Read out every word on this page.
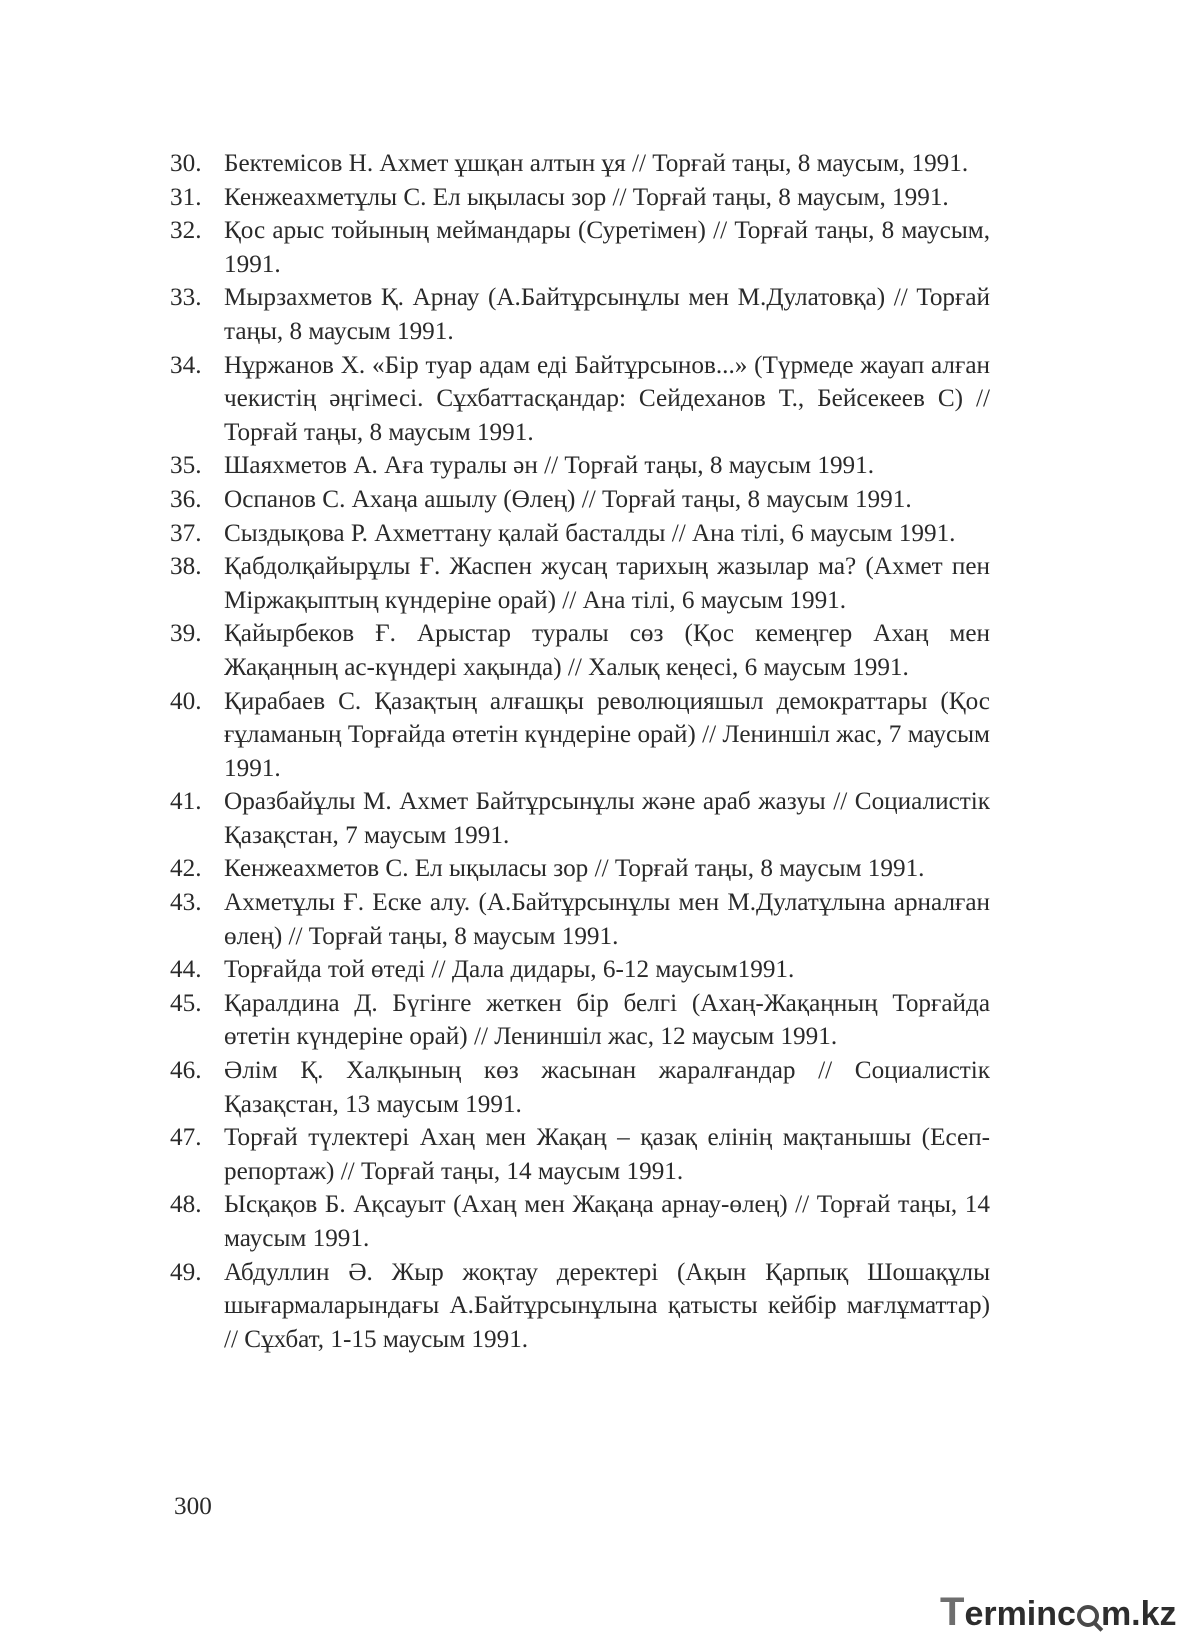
30. Бектемісов Н. Ахмет ұшқан алтын ұя // Торғай таңы, 8 маусым, 1991.
31. Кенжеахметұлы С. Ел ықыласы зор // Торғай таңы, 8 маусым, 1991.
32. Қос арыс тойының меймандары (Суретімен) // Торғай таңы, 8 маусым, 1991.
33. Мырзахметов Қ. Арнау (А.Байтұрсынұлы мен М.Дулатовқа) // Торғай таңы, 8 маусым 1991.
34. Нұржанов Х. «Бір туар адам еді Байтұрсынов...» (Түрмеде жауап алған чекистің әңгімесі. Сұхбаттасқандар: Сейдеханов Т., Бейсекеев С) // Торғай таңы, 8 маусым 1991.
35. Шаяхметов А. Аға туралы ән // Торғай таңы, 8 маусым 1991.
36. Оспанов С. Ахаңа ашылу (Өлең) // Торғай таңы, 8 маусым 1991.
37. Сыздықова Р. Ахметтану қалай басталды // Ана тілі, 6 маусым 1991.
38. Қабдолқайырұлы Ғ. Жаспен жусаң тарихың жазылар ма? (Ахмет пен Міржақыптың күндеріне орай) // Ана тілі, 6 маусым 1991.
39. Қайырбеков Ғ. Арыстар туралы сөз (Қос кемеңгер Ахаң мен Жақаңның ас-күндері хақында) // Халық кеңесі, 6 маусым 1991.
40. Қирабаев С. Қазақтың алғашқы революцияшыл демократтары (Қос ғұламаның Торғайда өтетін күндеріне орай) // Лениншіл жас, 7 маусым 1991.
41. Оразбайұлы М. Ахмет Байтұрсынұлы және араб жазуы // Социалистік Қазақстан, 7 маусым 1991.
42. Кенжеахметов С. Ел ықыласы зор // Торғай таңы, 8 маусым 1991.
43. Ахметұлы Ғ. Еске алу. (А.Байтұрсынұлы мен М.Дулатұлына арналған өлең) // Торғай таңы, 8 маусым 1991.
44. Торғайда той өтеді // Дала дидары, 6-12 маусым1991.
45. Қаралдина Д. Бүгінге жеткен бір белгі (Ахаң-Жақаңның Торғайда өтетін күндеріне орай) // Лениншіл жас, 12 маусым 1991.
46. Әлім Қ. Халқының көз жасынан жаралғандар // Социалистік Қазақстан, 13 маусым 1991.
47. Торғай түлектері Ахаң мен Жақаң – қазақ елінің мақтанышы (Есеп-репортаж) // Торғай таңы, 14 маусым 1991.
48. Ысқақов Б. Ақсауыт (Ахаң мен Жақаңа арнау-өлең) // Торғай таңы, 14 маусым 1991.
49. Абдуллин Ә. Жыр жоқтау деректері (Ақын Қарпық Шошақұлы шығармаларындағы А.Байтұрсынұлына қатысты кейбір мағлұматтар) // Сұхбат, 1-15 маусым 1991.
300
Terminc m.kz
